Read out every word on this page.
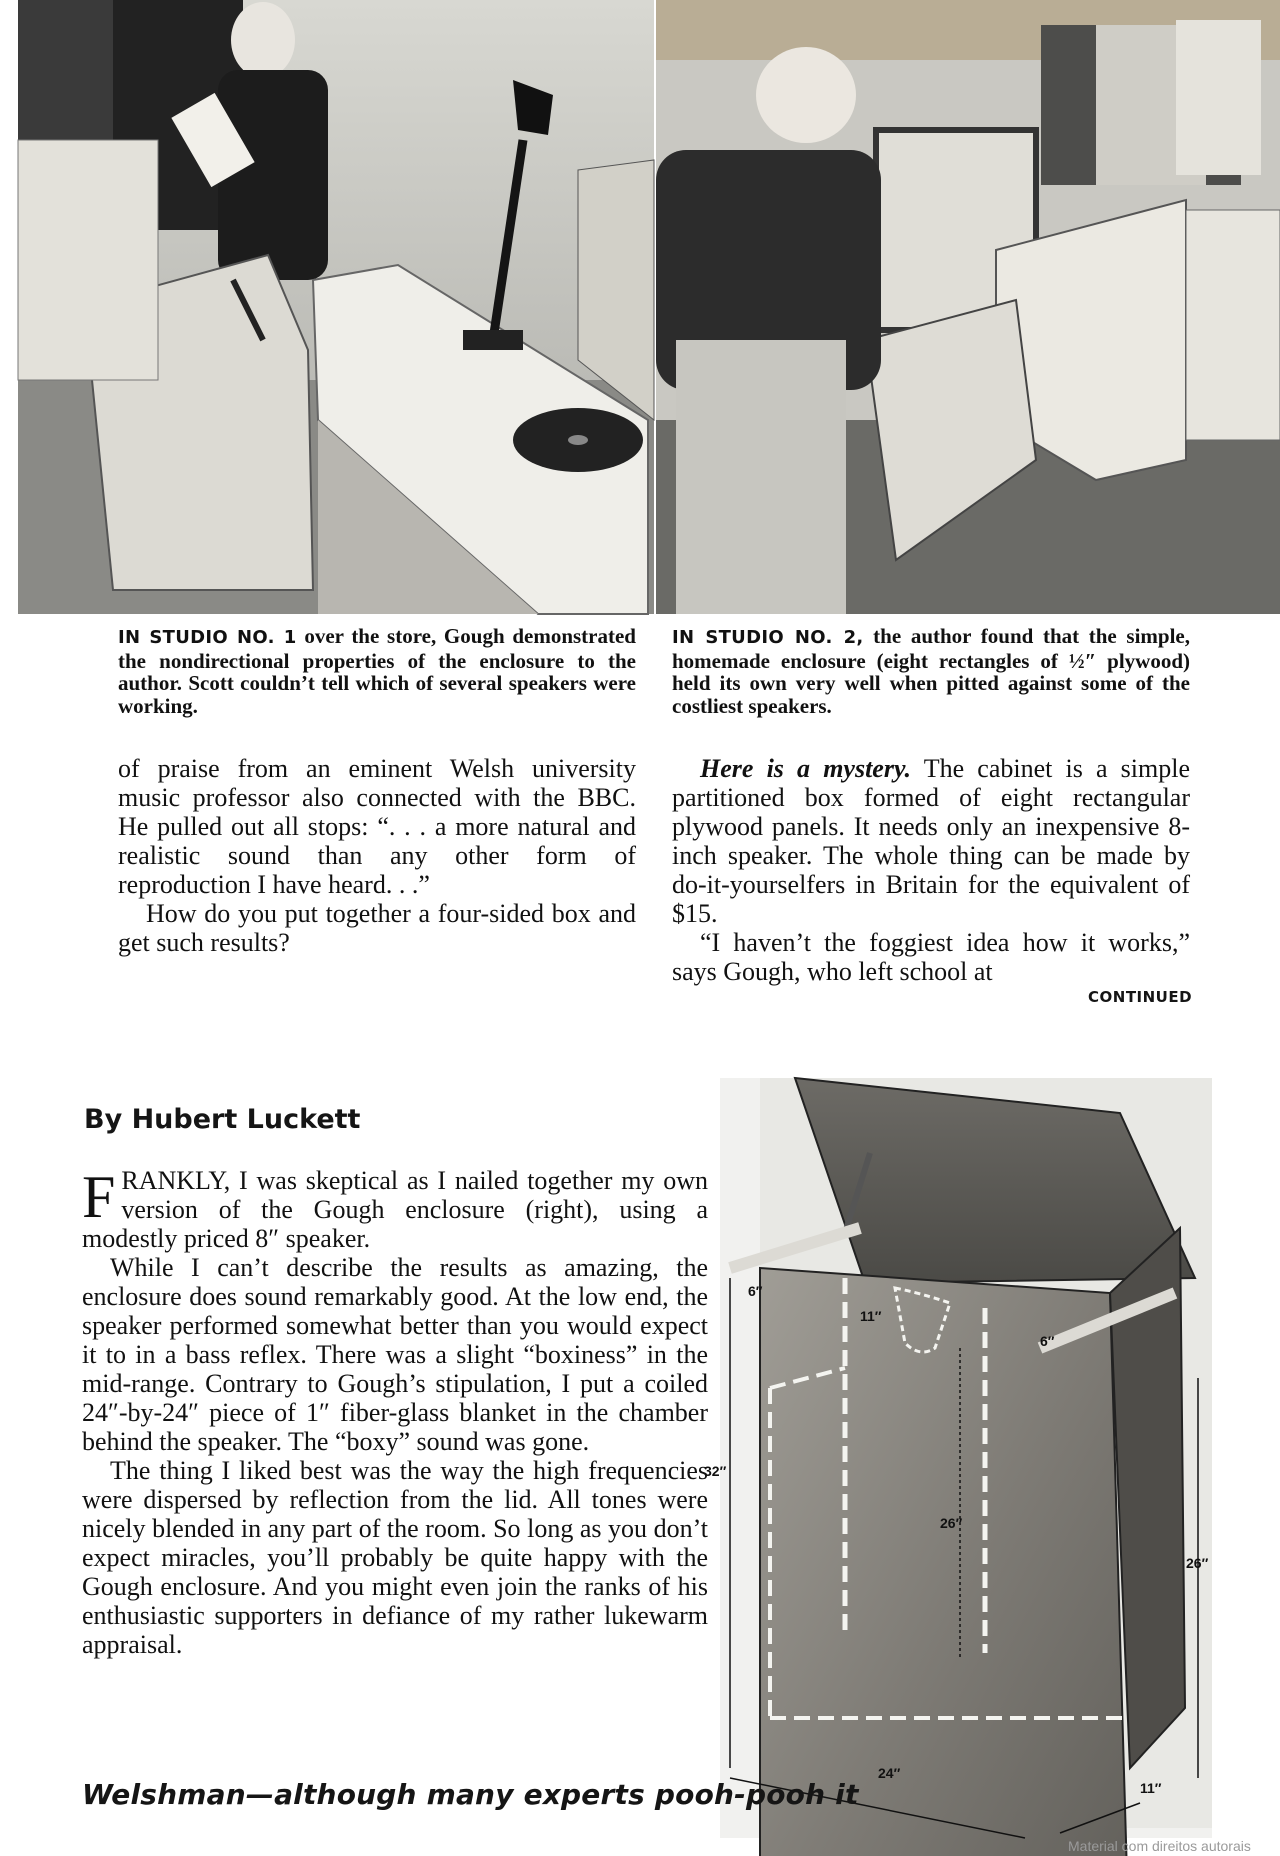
IN STUDIO NO. 1 over the store, Gough demonstrated the nondirectional properties of the enclosure to the author. Scott couldn’t tell which of several speakers were working.
IN STUDIO NO. 2, the author found that the simple, homemade enclosure (eight rectangles of ½″ plywood) held its own very well when pitted against some of the costliest speakers.

of praise from an eminent Welsh university music professor also connected with the BBC. He pulled out all stops: “. . . a more natural and realistic sound than any other form of reproduction I have heard. . .”

How do you put together a four-sided box and get such results?

Here is a mystery. The cabinet is a simple partitioned box formed of eight rectangular plywood panels. It needs only an inexpensive 8-inch speaker. The whole thing can be made by do-it-yourselfers in Britain for the equivalent of $15.

“I haven’t the foggiest idea how it works,” says Gough, who left school at

CONTINUED
By Hubert Luckett

FRANKLY, I was skeptical as I nailed together my own version of the Gough enclosure (right), using a modestly priced 8″ speaker.

While I can’t describe the results as amazing, the enclosure does sound remarkably good. At the low end, the speaker performed somewhat better than you would expect it to in a bass reflex. There was a slight “boxiness” in the mid-range. Contrary to Gough’s stipulation, I put a coiled 24″-by-24″ piece of 1″ fiber-glass blanket in the chamber behind the speaker. The “boxy” sound was gone.

The thing I liked best was the way the high frequencies were dispersed by reflection from the lid. All tones were nicely blended in any part of the room. So long as you don’t expect miracles, you’ll probably be quite happy with the Gough enclosure. And you might even join the ranks of his enthusiastic supporters in defiance of my rather lukewarm appraisal.

6″
11″
6″
32″
26″
26″
24″
11″
Welshman—although many experts pooh-pooh it
Material com direitos autorais
